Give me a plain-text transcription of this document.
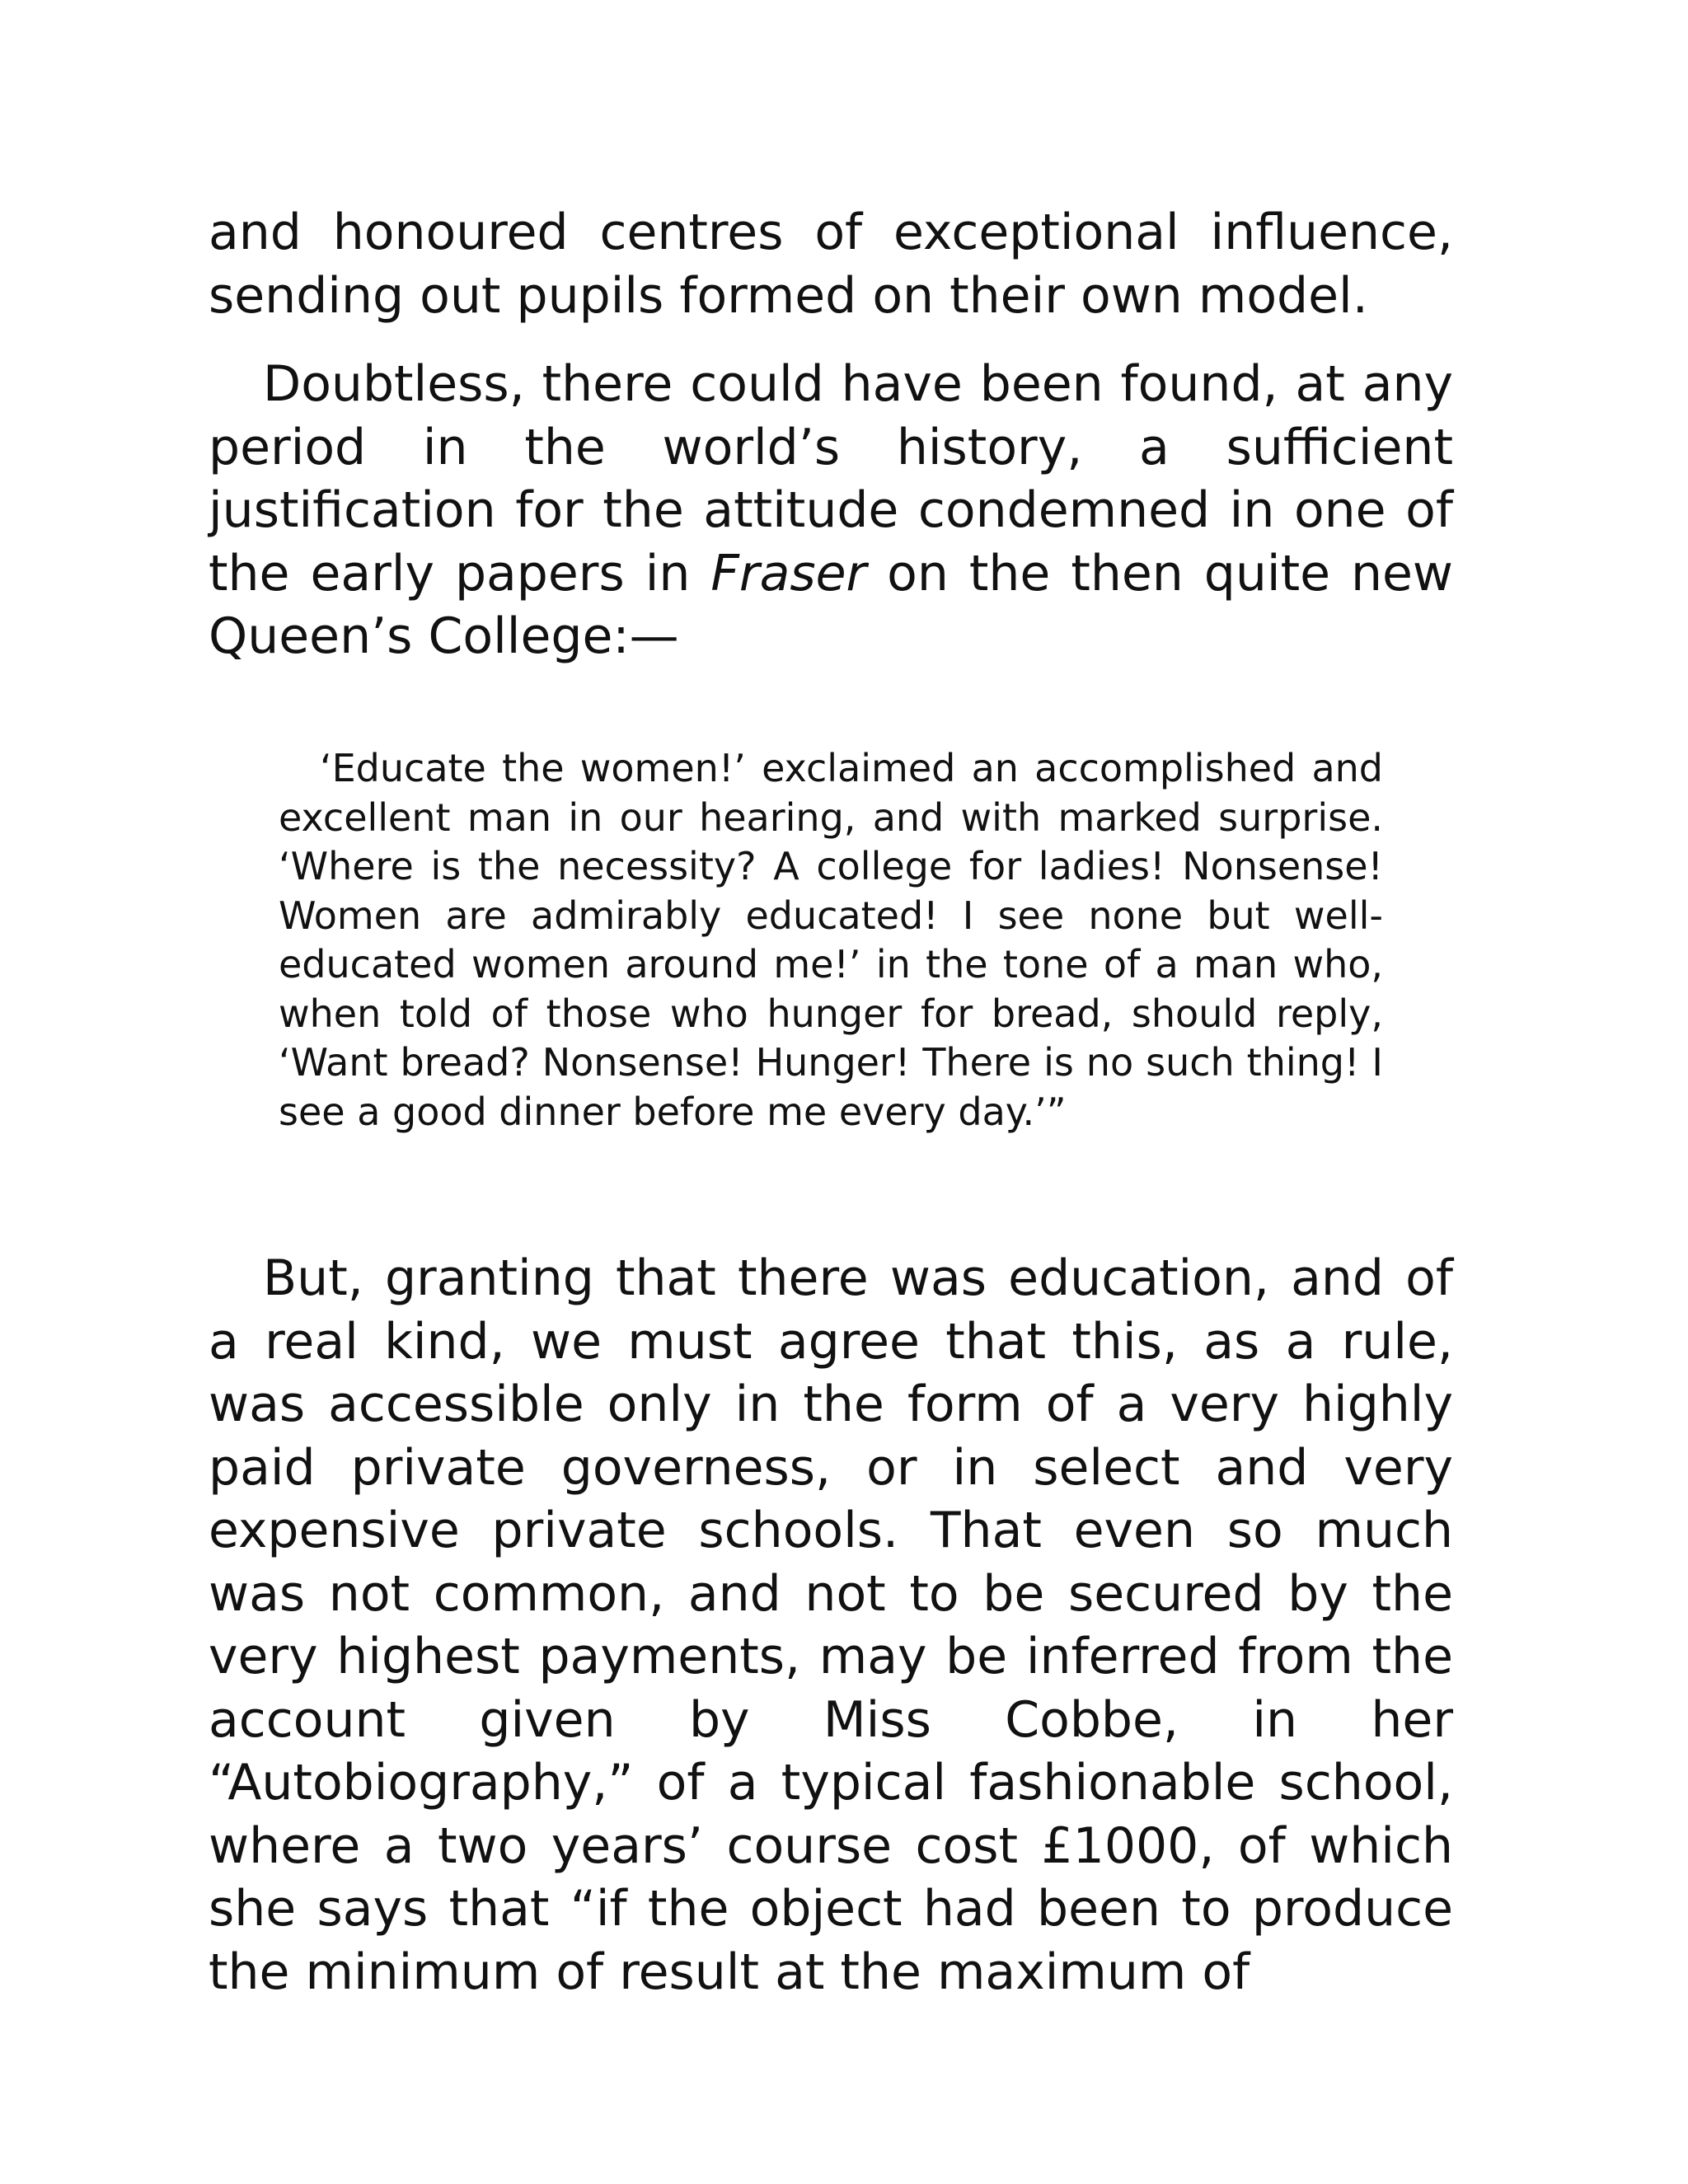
and honoured centres of exceptional influence, sending out pupils formed on their own model.

Doubtless, there could have been found, at any period in the world’s history, a sufficient justification for the attitude condemned in one of the early papers in Fraser on the then quite new Queen’s College:—

‘Educate the women!’ exclaimed an accomplished and excellent man in our hearing, and with marked surprise. ‘Where is the necessity? A college for ladies! Nonsense! Women are admirably educated! I see none but well-educated women around me!’ in the tone of a man who, when told of those who hunger for bread, should reply, ‘Want bread? Nonsense! Hunger! There is no such thing! I see a good dinner before me every day.’”

But, granting that there was education, and of a real kind, we must agree that this, as a rule, was accessible only in the form of a very highly paid private governess, or in select and very expensive private schools. That even so much was not common, and not to be secured by the very highest payments, may be inferred from the account given by Miss Cobbe, in her “Autobiography,” of a typical fashionable school, where a two years’ course cost £1000, of which she says that “if the object had been to produce the minimum of result at the maximum of
